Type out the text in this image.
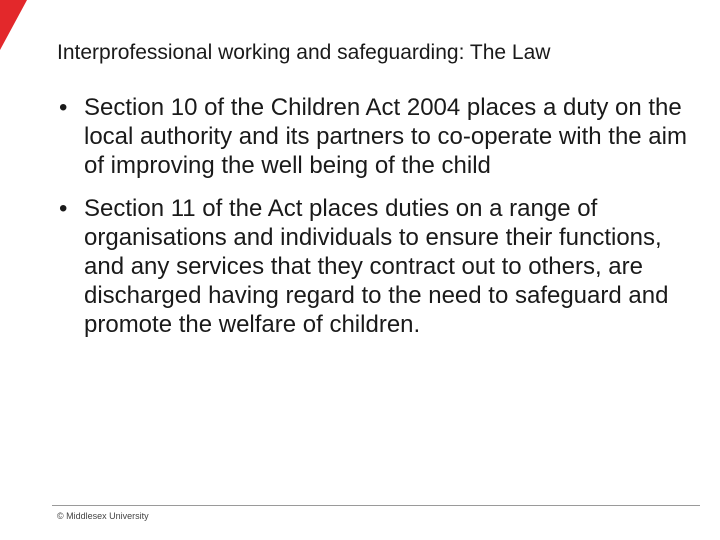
Interprofessional working and safeguarding: The Law
• Section 10 of the Children Act 2004 places a duty on the local authority and its partners to co-operate with the aim of improving the well being of the child
• Section 11 of the Act places duties on a range of organisations and individuals to ensure their functions, and any services that they contract out to others, are discharged having regard to the need to safeguard and promote the welfare of children.
© Middlesex University
